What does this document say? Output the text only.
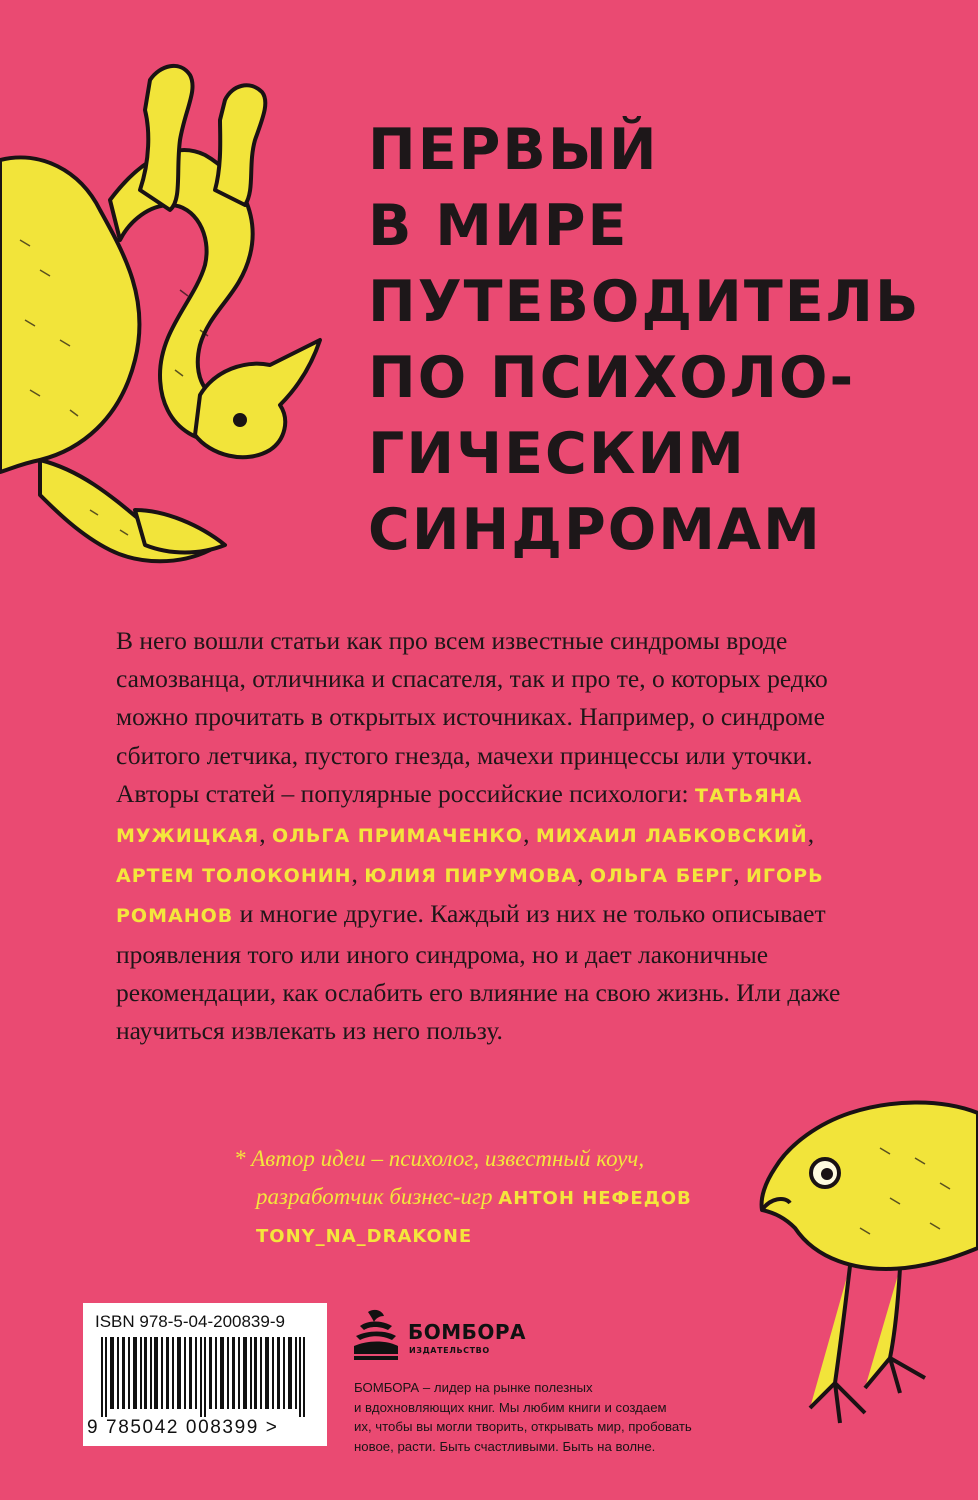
ПЕРВЫЙ
В МИРЕ
ПУТЕВОДИТЕЛЬ
ПО ПСИХОЛО-
ГИЧЕСКИМ
СИНДРОМАМ

В него вошли статьи как про всем известные синдромы вроде самозванца, отличника и спасателя, так и про те, о которых редко можно прочитать в открытых источниках. Например, о синдроме сбитого летчика, пустого гнезда, мачехи принцессы или уточки. Авторы статей – популярные российские психологи: ТАТЬЯНА МУЖИЦКАЯ, ОЛЬГА ПРИМАЧЕНКО, МИХАИЛ ЛАБКОВСКИЙ, АРТЕМ ТОЛОКОНИН, ЮЛИЯ ПИРУМОВА, ОЛЬГА БЕРГ, ИГОРЬ РОМАНОВ и многие другие. Каждый из них не только описывает проявления того или иного синдрома, но и дает лаконичные рекомендации, как ослабить его влияние на свою жизнь. Или даже научиться извлекать из него пользу.

* Автор идеи – психолог, известный коуч,
разработчик бизнес-игр АНТОН НЕФЕДОВ
TONY_NA_DRAKONE
ISBN 978-5-04-200839-9
9 785042 008399 >
БОМБОРА
ИЗДАТЕЛЬСТВО
БОМБОРА – лидер на рынке полезных
и вдохновляющих книг. Мы любим книги и создаем
их, чтобы вы могли творить, открывать мир, пробовать
новое, расти. Быть счастливыми. Быть на волне.
